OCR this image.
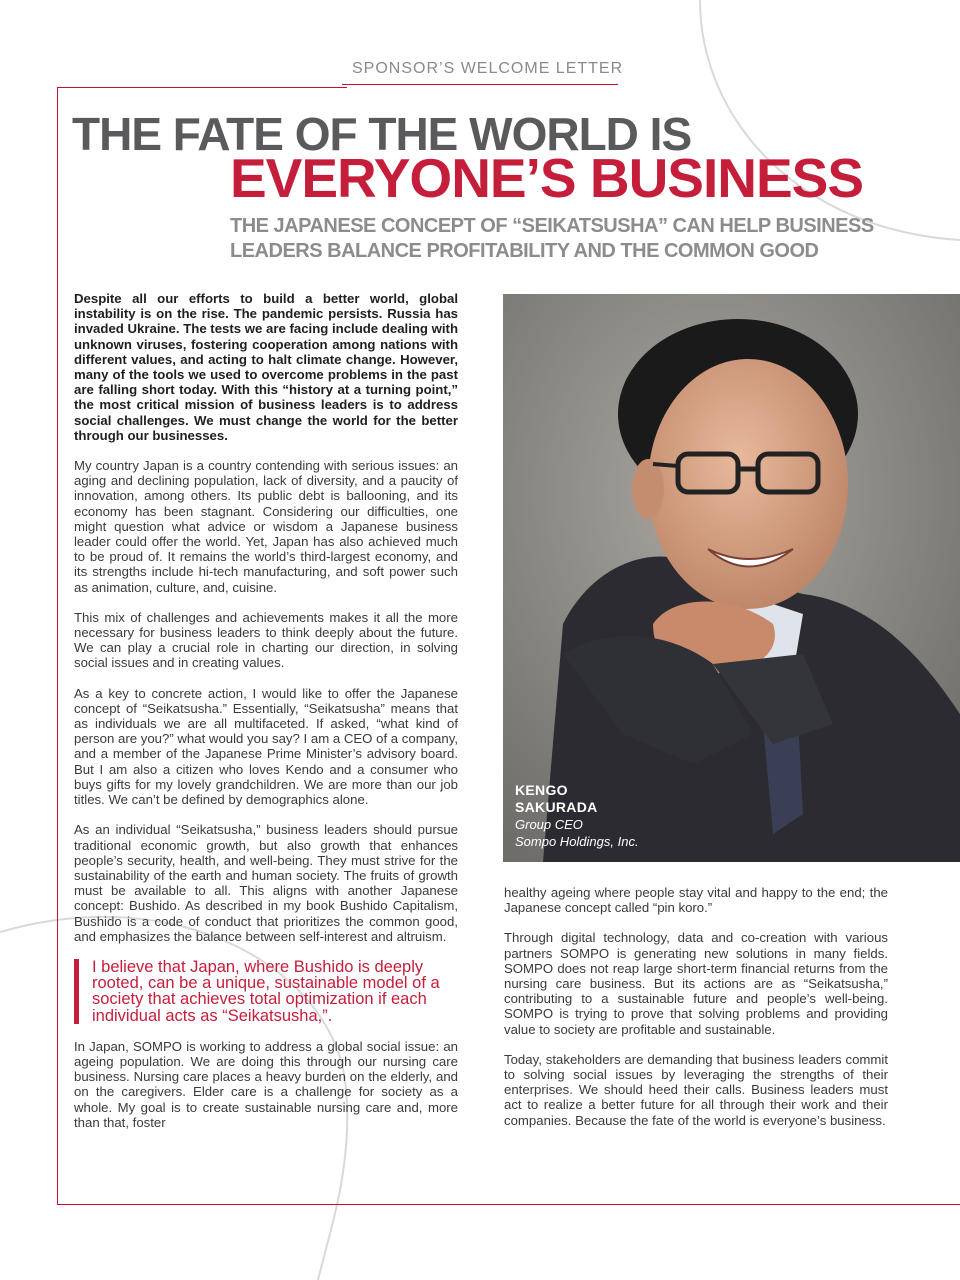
SPONSOR’S WELCOME LETTER
THE FATE OF THE WORLD IS
EVERYONE’S BUSINESS
THE JAPANESE CONCEPT OF “SEIKATSUSHA” CAN HELP BUSINESS LEADERS BALANCE PROFITABILITY AND THE COMMON GOOD

Despite all our efforts to build a better world, global instability is on the rise. The pandemic persists. Russia has invaded Ukraine. The tests we are facing include dealing with unknown viruses, fostering cooperation among nations with different values, and acting to halt climate change. However, many of the tools we used to overcome problems in the past are falling short today. With this “history at a turning point,” the most critical mission of business leaders is to address social challenges. We must change the world for the better through our businesses.

My country Japan is a country contending with serious issues: an aging and declining population, lack of diversity, and a paucity of innovation, among others. Its public debt is ballooning, and its economy has been stagnant. Considering our difficulties, one might question what advice or wisdom a Japanese business leader could offer the world. Yet, Japan has also achieved much to be proud of. It remains the world’s third-largest economy, and its strengths include hi-tech manufacturing, and soft power such as animation, culture, and, cuisine.

This mix of challenges and achievements makes it all the more necessary for business leaders to think deeply about the future. We can play a crucial role in charting our direction, in solving social issues and in creating values.

As a key to concrete action, I would like to offer the Japanese concept of “Seikatsusha.” Essentially, “Seikatsusha” means that as individuals we are all multifaceted. If asked, “what kind of person are you?” what would you say? I am a CEO of a company, and a member of the Japanese Prime Minister’s advisory board. But I am also a citizen who loves Kendo and a consumer who buys gifts for my lovely grandchildren. We are more than our job titles. We can’t be defined by demographics alone.

As an individual “Seikatsusha,” business leaders should pursue traditional economic growth, but also growth that enhances people’s security, health, and well-being. They must strive for the sustainability of the earth and human society. The fruits of growth must be available to all. This aligns with another Japanese concept: Bushido. As described in my book Bushido Capitalism, Bushido is a code of conduct that prioritizes the common good, and emphasizes the balance between self-interest and altruism.

I believe that Japan, where Bushido is deeply rooted, can be a unique, sustainable model of a society that achieves total optimization if each individual acts as “Seikatsusha,”.

In Japan, SOMPO is working to address a global social issue: an ageing population. We are doing this through our nursing care business. Nursing care places a heavy burden on the elderly, and on the caregivers. Elder care is a challenge for society as a whole. My goal is to create sustainable nursing care and, more than that, foster

KENGO
SAKURADA
Group CEO
Sompo Holdings, Inc.

healthy ageing where people stay vital and happy to the end; the Japanese concept called “pin koro.”

Through digital technology, data and co-creation with various partners SOMPO is generating new solutions in many fields. SOMPO does not reap large short-term financial returns from the nursing care business. But its actions are as “Seikatsusha,” contributing to a sustainable future and people’s well-being. SOMPO is trying to prove that solving problems and providing value to society are profitable and sustainable.

Today, stakeholders are demanding that business leaders commit to solving social issues by leveraging the strengths of their enterprises. We should heed their calls. Business leaders must act to realize a better future for all through their work and their companies. Because the fate of the world is everyone’s business.
